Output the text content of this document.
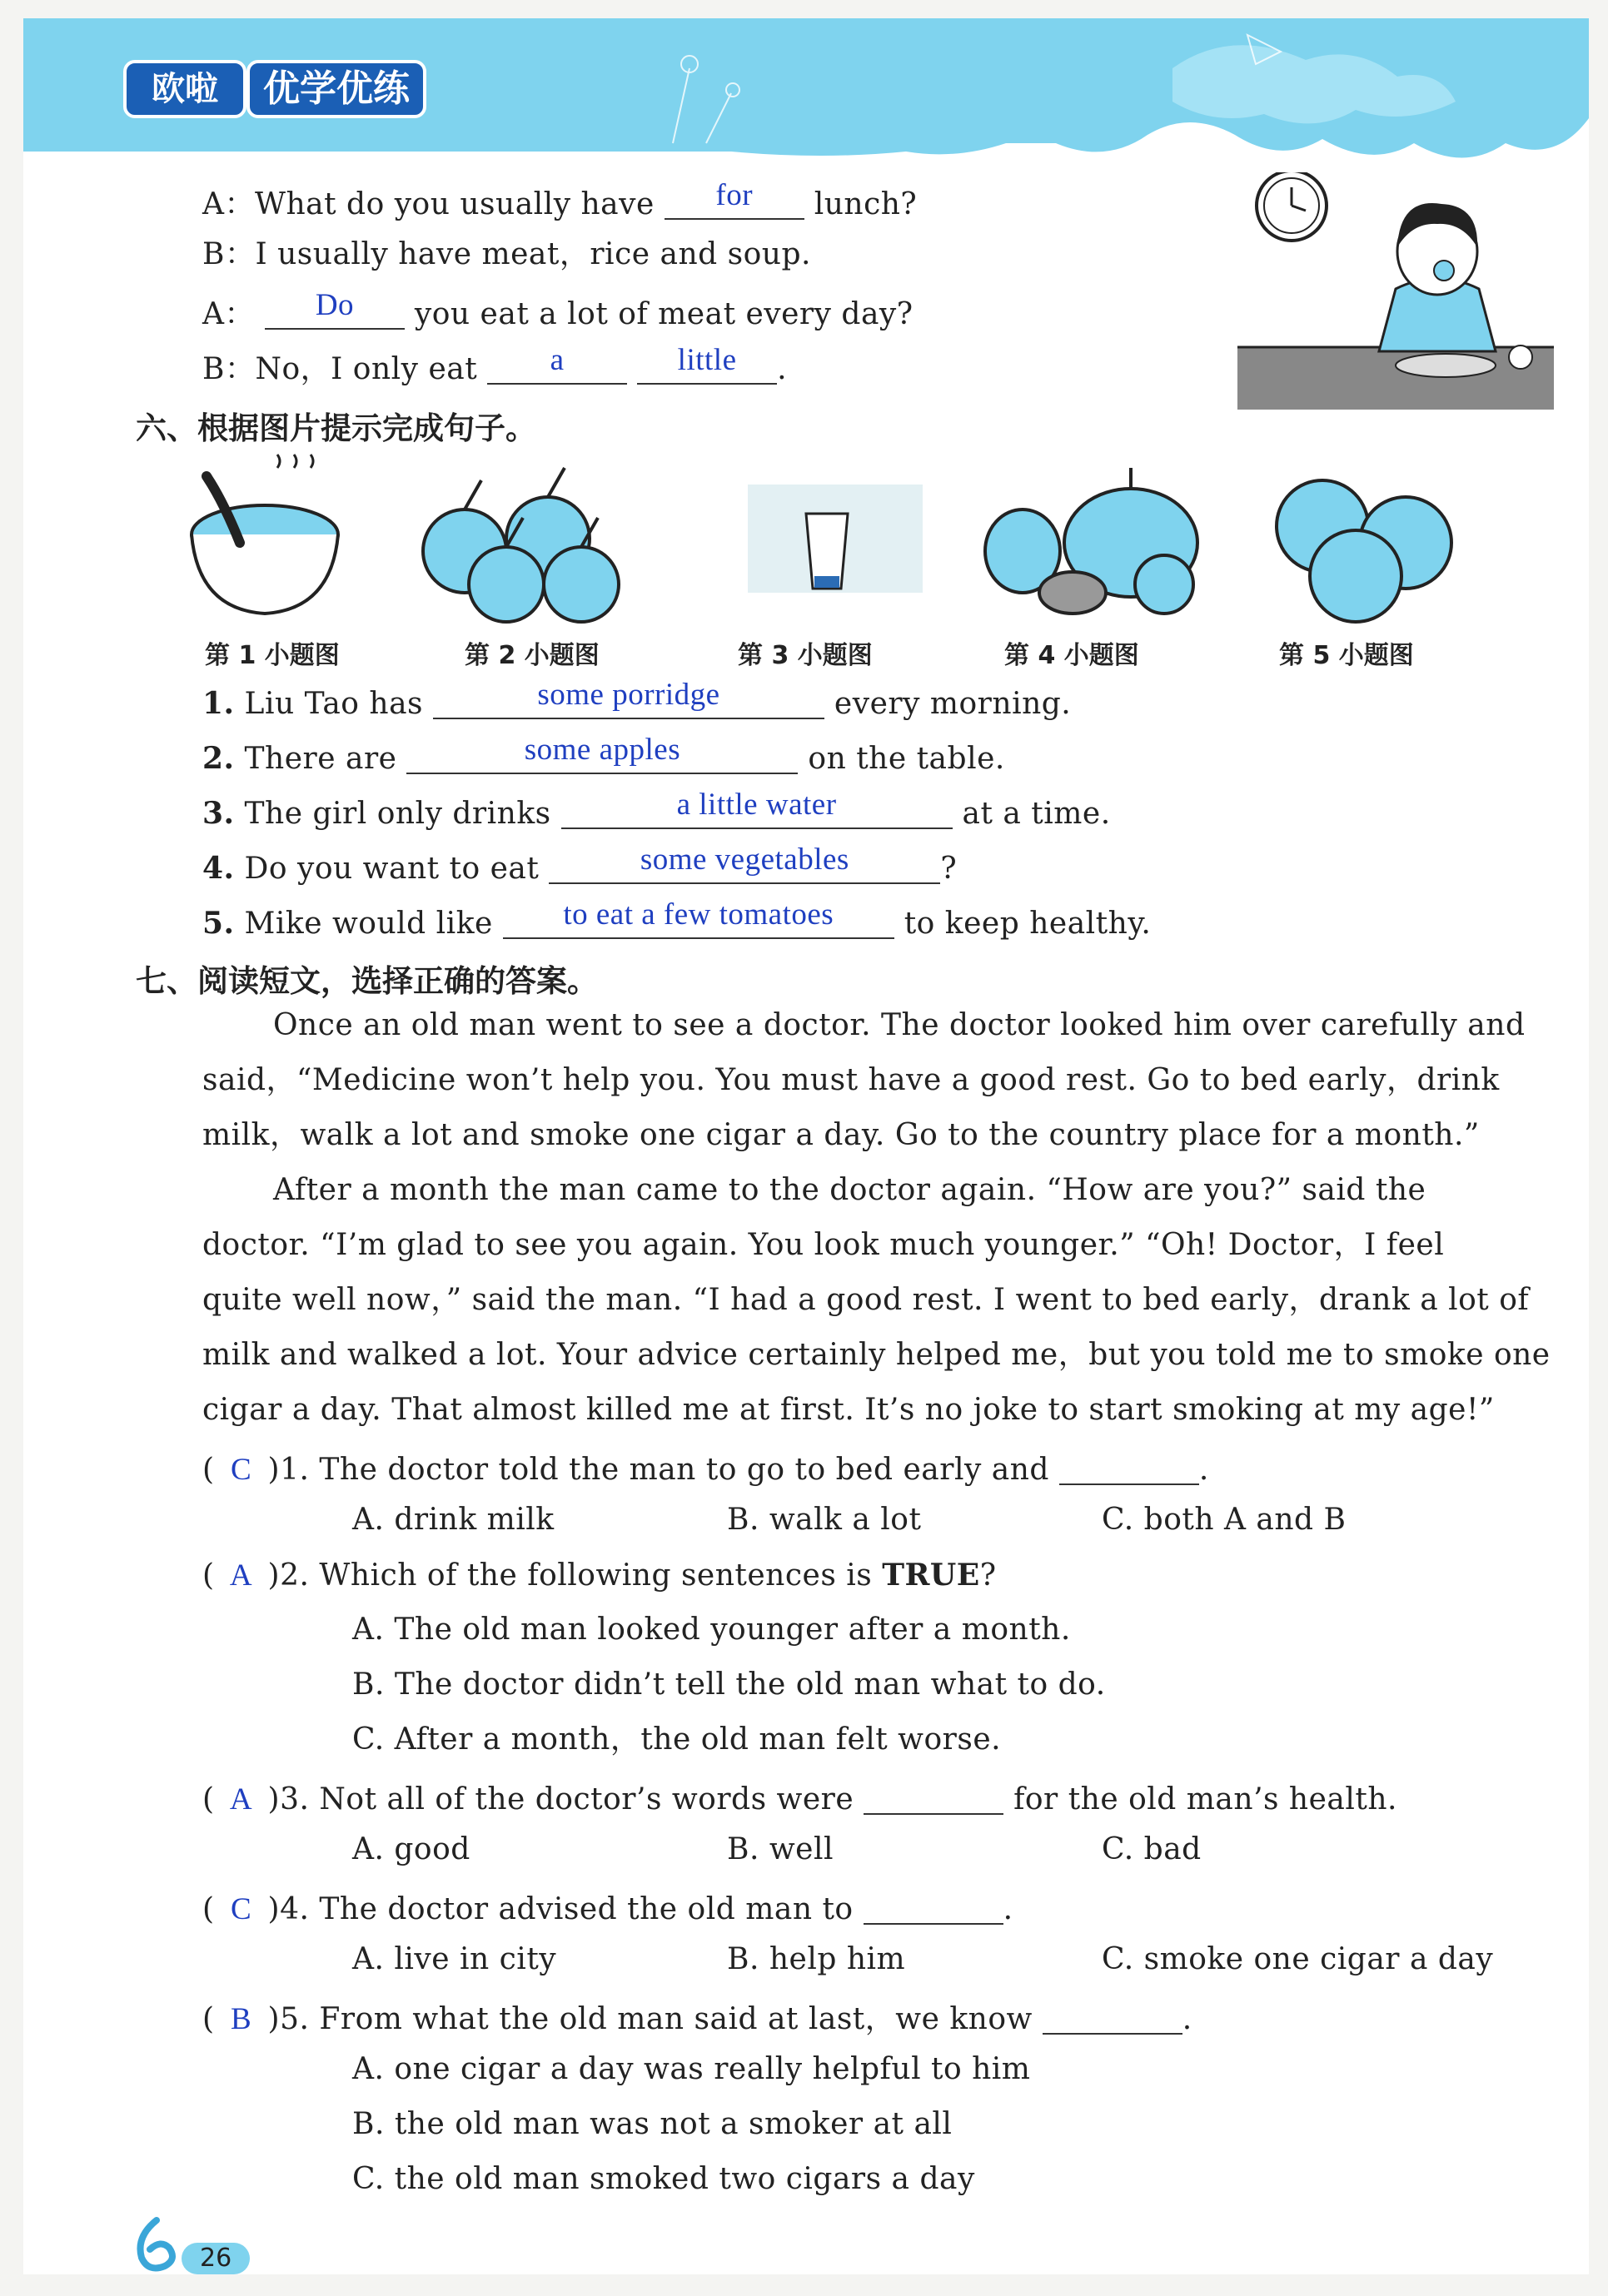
欧啦	优学优练
A：What do you usually have	for	lunch?
B：I usually have meat，rice and soup.
A：	Do	you eat a lot of meat every day?
B：No，I only eat	a
	little	.
六、根据图片提示完成句子。
第 1 小题图	第 2 小题图	第 3 小题图	第 4 小题图	第 5 小题图
1. Liu Tao has	some porridge	every morning.
2. There are	some apples	on the table.
3. The girl only drinks	a little water	at a time.
4. Do you want to eat	some vegetables	?
5. Mike would like	to eat a few tomatoes	to keep healthy.
七、阅读短文，选择正确的答案。
Once an old man went to see a doctor. The doctor looked him over carefully and
said，“Medicine won’t help you. You must have a good rest. Go to bed early，drink
milk，walk a lot and smoke one cigar a day. Go to the country place for a month.”
After a month the man came to the doctor again. “How are you?” said the
doctor. “I’m glad to see you again. You look much younger.” “Oh! Doctor，I feel
quite well now，” said the man. “I had a good rest. I went to bed early，drank a lot of
milk and walked a lot. Your advice certainly helped me，but you told me to smoke one
cigar a day. That almost killed me at first. It’s no joke to start smoking at my age!”
( C )1. The doctor told the man to go to bed early and	.
A. drink milk	B. walk a lot	C. both A and B
( A )2. Which of the following sentences is TRUE?
A. The old man looked younger after a month.
B. The doctor didn’t tell the old man what to do.
C. After a month，the old man felt worse.
( A )3. Not all of the doctor’s words were	for the old man’s health.
A. good	B. well	C. bad
( C )4. The doctor advised the old man to	.
A. live in city	B. help him	C. smoke one cigar a day
( B )5. From what the old man said at last，we know	.
A. one cigar a day was really helpful to him
B. the old man was not a smoker at all
C. the old man smoked two cigars a day
26
